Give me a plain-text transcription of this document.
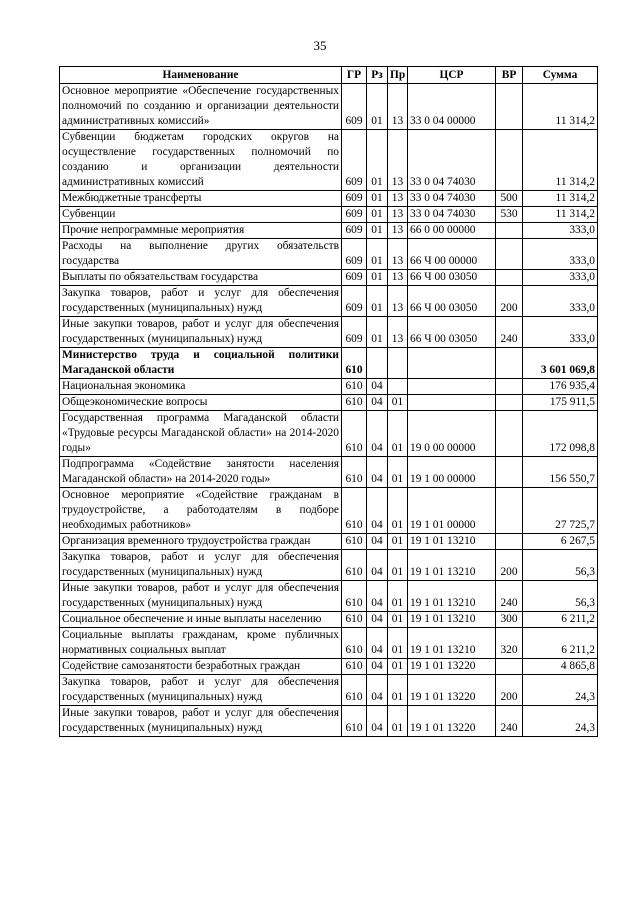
35
Наименование	ГР	Рз	Пр	ЦСР	ВР	Сумма
Основное мероприятие «Обеспечение государственных полномочий по созданию и организации деятельности административных комиссий»	609	01	13	33 0 04 00000		11 314,2
Субвенции бюджетам городских округов на осуществление государственных полномочий по созданию и организации деятельности административных комиссий	609	01	13	33 0 04 74030		11 314,2
Межбюджетные трансферты	609	01	13	33 0 04 74030	500	11 314,2
Субвенции	609	01	13	33 0 04 74030	530	11 314,2
Прочие непрограммные мероприятия	609	01	13	66 0 00 00000		333,0
Расходы на выполнение других обязательств государства	609	01	13	66 Ч 00 00000		333,0
Выплаты по обязательствам государства	609	01	13	66 Ч 00 03050		333,0
Закупка товаров, работ и услуг для обеспечения государственных (муниципальных) нужд	609	01	13	66 Ч 00 03050	200	333,0
Иные закупки товаров, работ и услуг для обеспечения государственных (муниципальных) нужд	609	01	13	66 Ч 00 03050	240	333,0
Министерство труда и социальной политики Магаданской области	610					3 601 069,8
Национальная экономика	610	04				176 935,4
Общеэкономические вопросы	610	04	01			175 911,5
Государственная программа Магаданской области «Трудовые ресурсы Магаданской области» на 2014-2020 годы»	610	04	01	19 0 00 00000		172 098,8
Подпрограмма «Содействие занятости населения Магаданской области» на 2014-2020 годы»	610	04	01	19 1 00 00000		156 550,7
Основное мероприятие «Содействие гражданам в трудоустройстве, а работодателям в подборе необходимых работников»	610	04	01	19 1 01 00000		27 725,7
Организация временного трудоустройства граждан	610	04	01	19 1 01 13210		6 267,5
Закупка товаров, работ и услуг для обеспечения государственных (муниципальных) нужд	610	04	01	19 1 01 13210	200	56,3
Иные закупки товаров, работ и услуг для обеспечения государственных (муниципальных) нужд	610	04	01	19 1 01 13210	240	56,3
Социальное обеспечение и иные выплаты населению	610	04	01	19 1 01 13210	300	6 211,2
Социальные выплаты гражданам, кроме публичных нормативных социальных выплат	610	04	01	19 1 01 13210	320	6 211,2
Содействие самозанятости безработных граждан	610	04	01	19 1 01 13220		4 865,8
Закупка товаров, работ и услуг для обеспечения государственных (муниципальных) нужд	610	04	01	19 1 01 13220	200	24,3
Иные закупки товаров, работ и услуг для обеспечения государственных (муниципальных) нужд	610	04	01	19 1 01 13220	240	24,3
